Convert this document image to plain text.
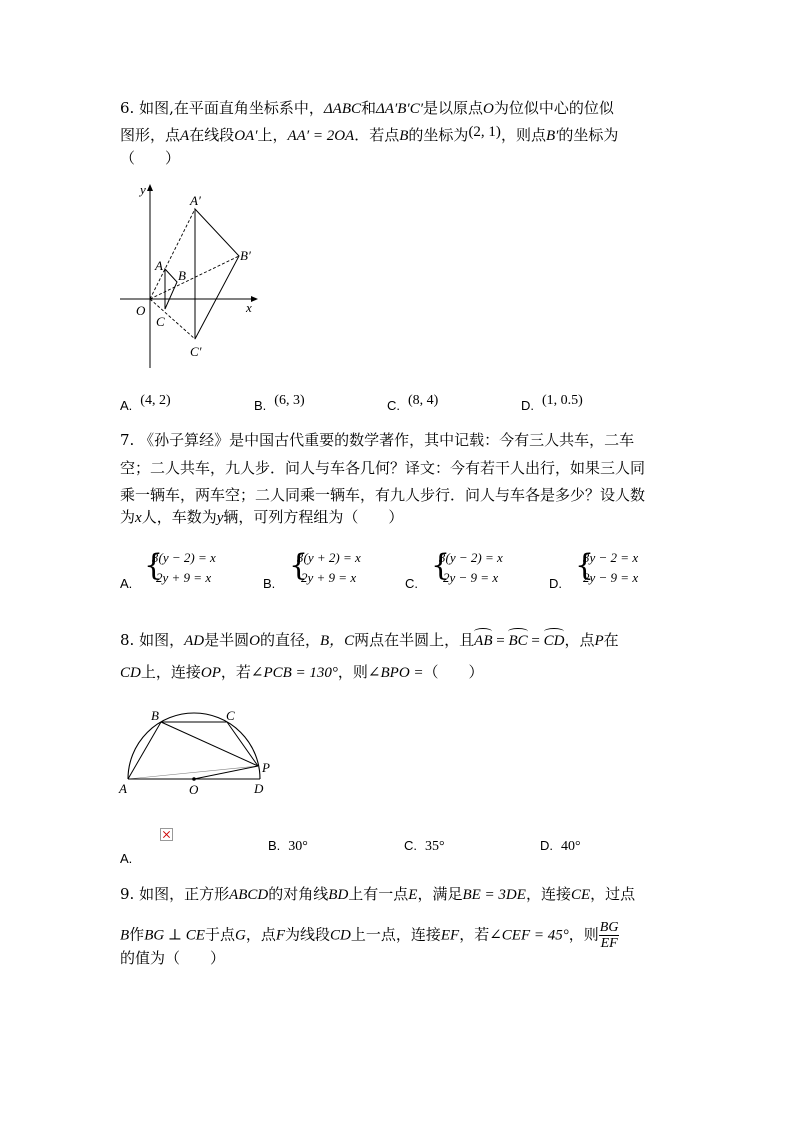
6. 如图,在平面直角坐标系中，ΔABC和ΔA′B′C′是以原点O为位似中心的位似
图形，点A在线段OA′上，AA′ = 2OA．若点B的坐标为(2, 1)，则点B′的坐标为
（　　）
y
x
O
A
B
C
A′
B′
C′
A. (4, 2)	B. (6, 3)	C. (8, 4)	D. (1, 0.5)
7. 《孙子算经》是中国古代重要的数学著作，其中记载：今有三人共车，二车
空；二人共车，九人步．问人与车各几何？译文：今有若干人出行，如果三人同
乘一辆车，两车空；二人同乘一辆车，有九人步行．问人与车各是多少？设人数
为x人，车数为y辆，可列方程组为（　　）
A.
{
3(y − 2) = x
2y + 9 = x	B.
{
3(y + 2) = x
2y + 9 = x	C.
{
3(y − 2) = x
2y − 9 = x	D.
{
3y − 2 = x
2y − 9 = x
8. 如图，AD是半圆O的直径，B，C两点在半圆上，且AB = BC = CD，点P在
CD上，连接OP，若∠PCB = 130°，则∠BPO =（　　）
B	C
P
A	O	D
A.
B. 30°	C. 35°	D. 40°
9. 如图，正方形ABCD的对角线BD上有一点E，满足BE = 3DE，连接CE，过点
B作BG ⊥ CE于点G，点F为线段CD上一点，连接EF，若∠CEF = 45°，则 $\frac{BG}{EF}$
的值为（　　）
